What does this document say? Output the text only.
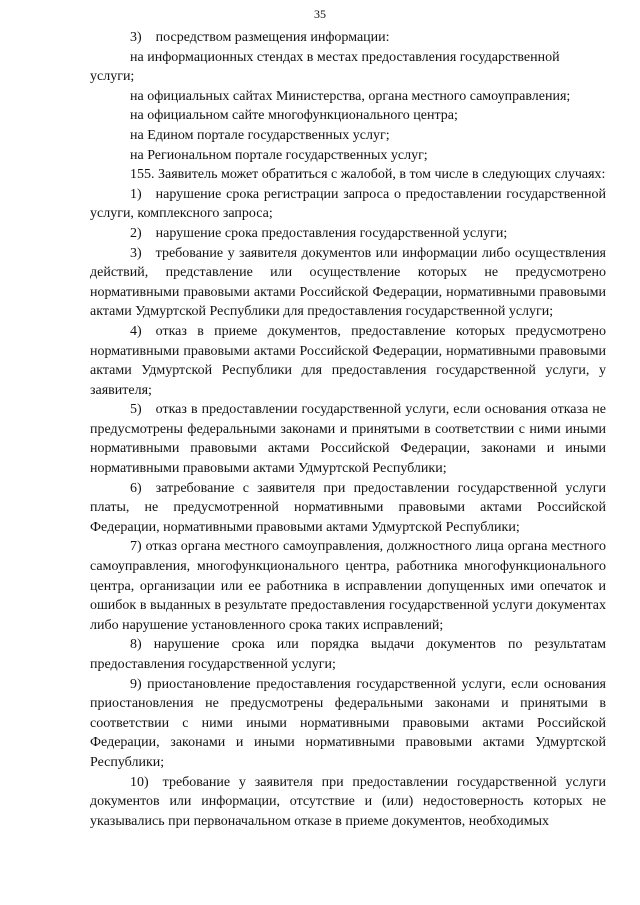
35

3) посредством размещения информации:

на информационных стендах в местах предоставления государственной

услуги;

на официальных сайтах Министерства, органа местного самоуправления;

на официальном сайте многофункционального центра;

на Едином портале государственных услуг;

на Региональном портале государственных услуг;

155. Заявитель может обратиться с жалобой, в том числе в следующих случаях:

1) нарушение срока регистрации запроса о предоставлении государственной услуги, комплексного запроса;

2) нарушение срока предоставления государственной услуги;

3) требование у заявителя документов или информации либо осуществления действий, представление или осуществление которых не предусмотрено нормативными правовыми актами Российской Федерации, нормативными правовыми актами Удмуртской Республики для предоставления государственной услуги;

4) отказ в приеме документов, предоставление которых предусмотрено нормативными правовыми актами Российской Федерации, нормативными правовыми актами Удмуртской Республики для предоставления государственной услуги, у заявителя;

5) отказ в предоставлении государственной услуги, если основания отказа не предусмотрены федеральными законами и принятыми в соответствии с ними иными нормативными правовыми актами Российской Федерации, законами и иными нормативными правовыми актами Удмуртской Республики;

6) затребование с заявителя при предоставлении государственной услуги платы, не предусмотренной нормативными правовыми актами Российской Федерации, нормативными правовыми актами Удмуртской Республики;

7) отказ органа местного самоуправления, должностного лица органа местного самоуправления, многофункционального центра, работника многофункционального центра, организации или ее работника в исправлении допущенных ими опечаток и ошибок в выданных в результате предоставления государственной услуги документах либо нарушение установленного срока таких исправлений;

8) нарушение срока или порядка выдачи документов по результатам предоставления государственной услуги;

9) приостановление предоставления государственной услуги, если основания приостановления не предусмотрены федеральными законами и принятыми в соответствии с ними иными нормативными правовыми актами Российской Федерации, законами и иными нормативными правовыми актами Удмуртской Республики;

10) требование у заявителя при предоставлении государственной услуги документов или информации, отсутствие и (или) недостоверность которых не указывались при первоначальном отказе в приеме документов, необходимых
